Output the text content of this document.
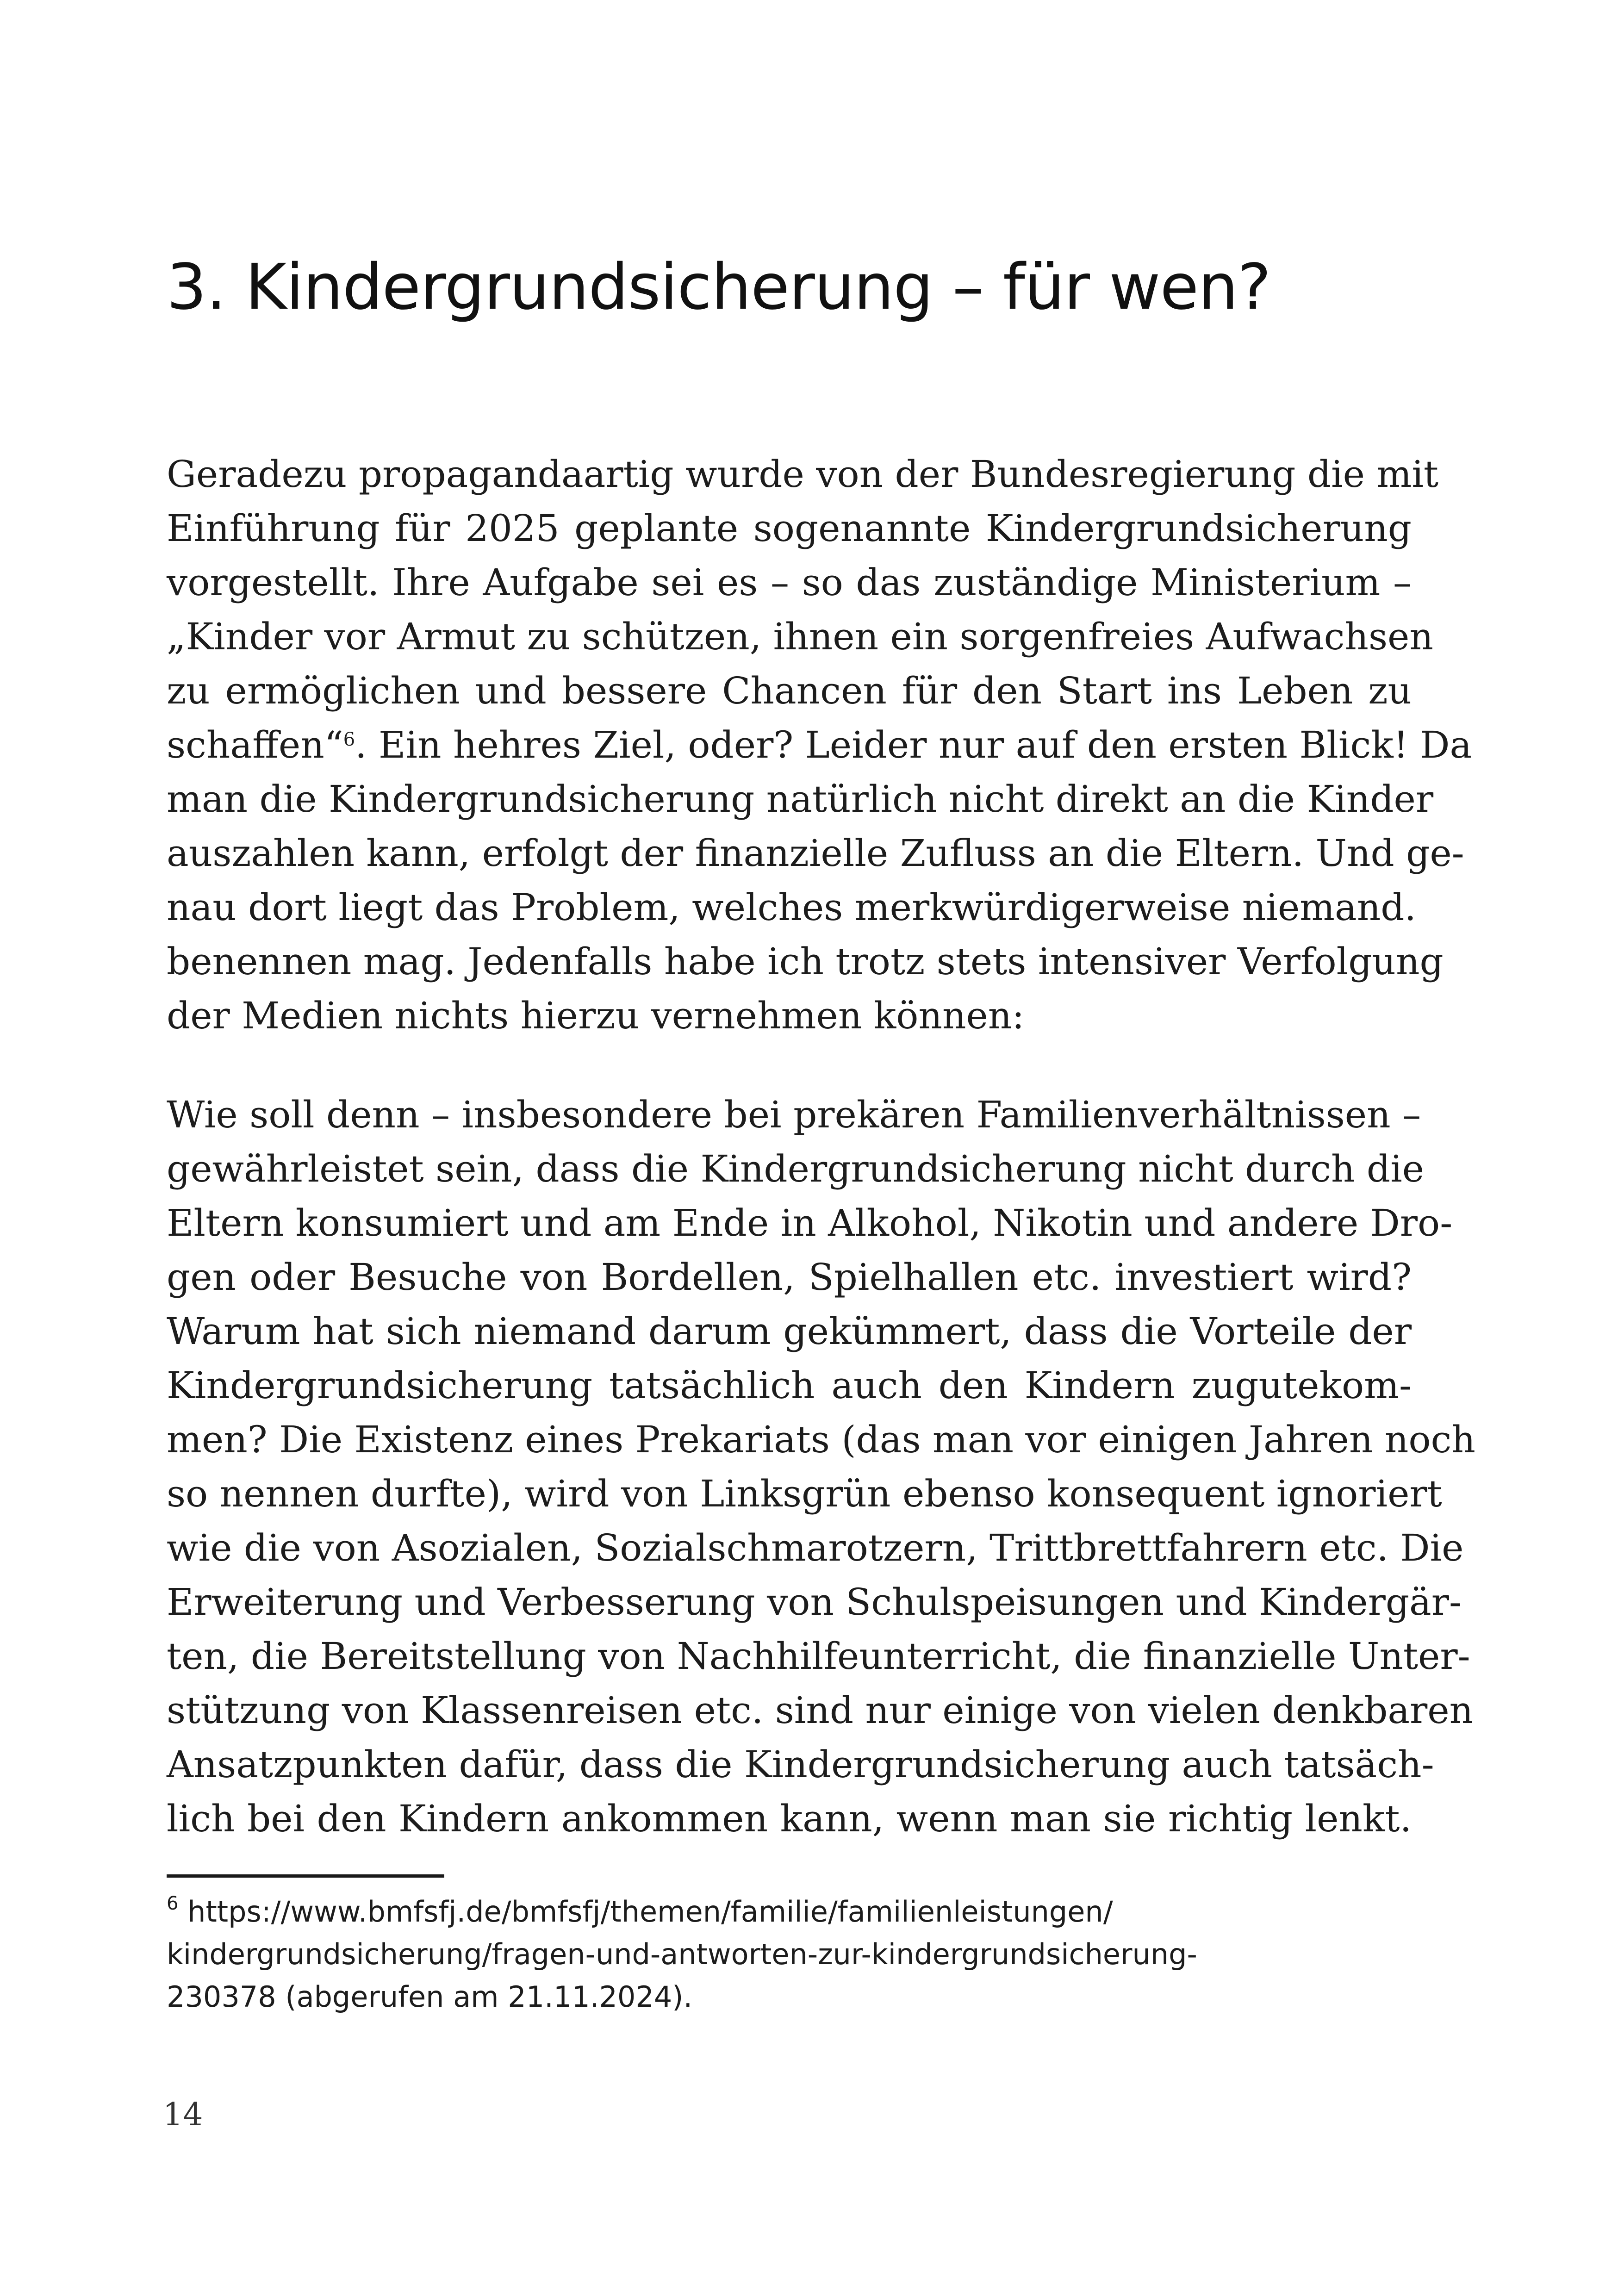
3. Kindergrundsicherung – für wen?
Geradezu propagandaartig wurde von der Bundesregierung die mit
Einführung für 2025 geplante sogenannte Kindergrundsicherung
vorgestellt. Ihre Aufgabe sei es – so das zuständige Ministerium –
„Kinder vor Armut zu schützen, ihnen ein sorgenfreies Aufwachsen
zu ermöglichen und bessere Chancen für den Start ins Leben zu
schaffen“$^6$. Ein hehres Ziel, oder? Leider nur auf den ersten Blick! Da
man die Kindergrundsicherung natürlich nicht direkt an die Kinder
auszahlen kann, erfolgt der finanzielle Zufluss an die Eltern. Und ge-
nau dort liegt das Problem, welches merkwürdigerweise niemand.
benennen mag. Jedenfalls habe ich trotz stets intensiver Verfolgung
der Medien nichts hierzu vernehmen können:
Wie soll denn – insbesondere bei prekären Familienverhältnissen –
gewährleistet sein, dass die Kindergrundsicherung nicht durch die
Eltern konsumiert und am Ende in Alkohol, Nikotin und andere Dro-
gen oder Besuche von Bordellen, Spielhallen etc. investiert wird?
Warum hat sich niemand darum gekümmert, dass die Vorteile der
Kindergrundsicherung tatsächlich auch den Kindern zugutekom-
men? Die Existenz eines Prekariats (das man vor einigen Jahren noch
so nennen durfte), wird von Linksgrün ebenso konsequent ignoriert
wie die von Asozialen, Sozialschmarotzern, Trittbrettfahrern etc. Die
Erweiterung und Verbesserung von Schulspeisungen und Kindergär-
ten, die Bereitstellung von Nachhilfeunterricht, die finanzielle Unter-
stützung von Klassenreisen etc. sind nur einige von vielen denkbaren
Ansatzpunkten dafür, dass die Kindergrundsicherung auch tatsäch-
lich bei den Kindern ankommen kann, wenn man sie richtig lenkt.
$^6$ https://www.bmfsfj.de/bmfsfj/themen/familie/familienleistungen/
kindergrundsicherung/fragen-und-antworten-zur-kindergrundsicherung-
230378 (abgerufen am 21.11.2024).
14
